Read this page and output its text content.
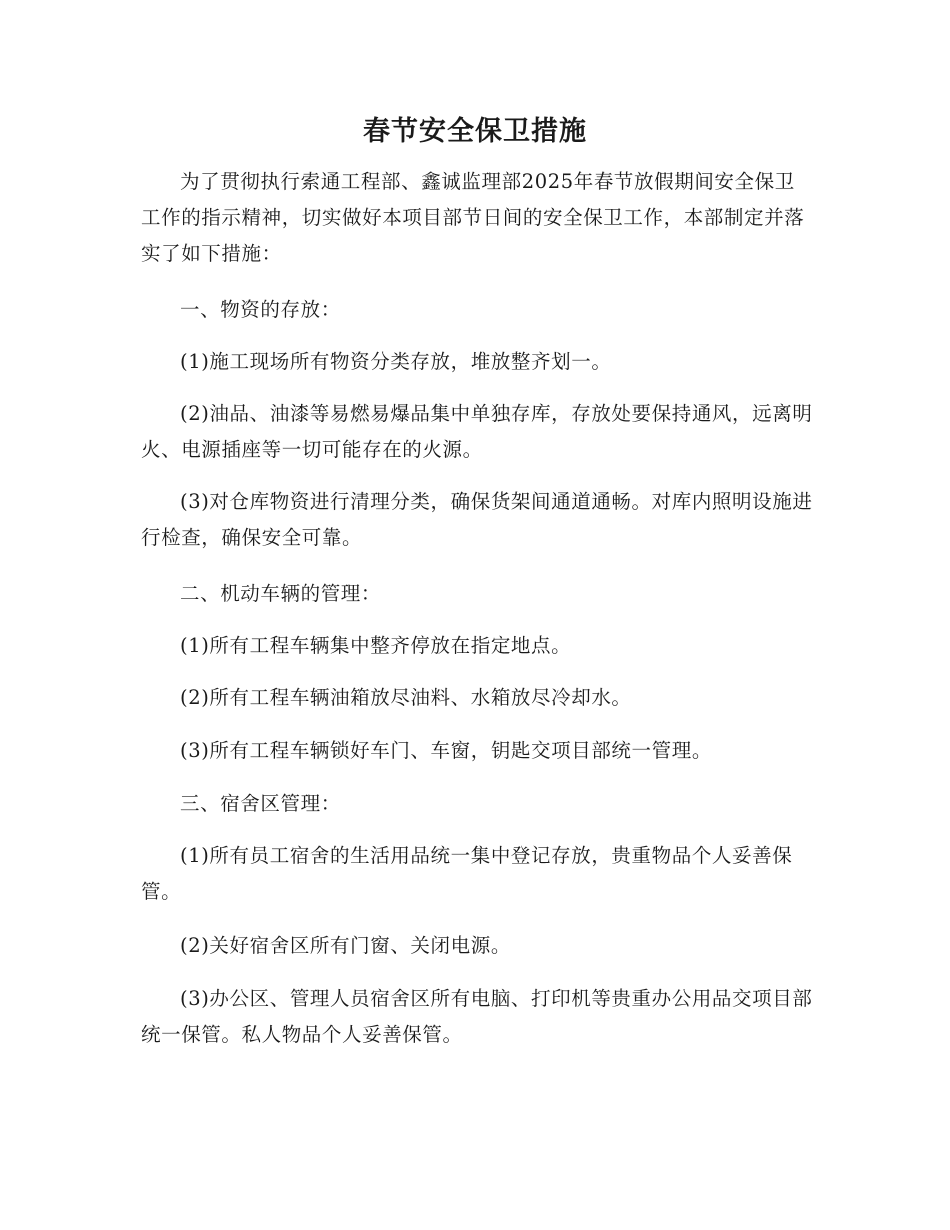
春节安全保卫措施

为了贯彻执行索通工程部、鑫诚监理部2025年春节放假期间安全保卫工作的指示精神，切实做好本项目部节日间的安全保卫工作，本部制定并落实了如下措施：

一、物资的存放：

(1)施工现场所有物资分类存放，堆放整齐划一。

(2)油品、油漆等易燃易爆品集中单独存库，存放处要保持通风，远离明火、电源插座等一切可能存在的火源。

(3)对仓库物资进行清理分类，确保货架间通道通畅。对库内照明设施进行检查，确保安全可靠。

二、机动车辆的管理：

(1)所有工程车辆集中整齐停放在指定地点。

(2)所有工程车辆油箱放尽油料、水箱放尽冷却水。

(3)所有工程车辆锁好车门、车窗，钥匙交项目部统一管理。

三、宿舍区管理：

(1)所有员工宿舍的生活用品统一集中登记存放，贵重物品个人妥善保管。

(2)关好宿舍区所有门窗、关闭电源。

(3)办公区、管理人员宿舍区所有电脑、打印机等贵重办公用品交项目部统一保管。私人物品个人妥善保管。
